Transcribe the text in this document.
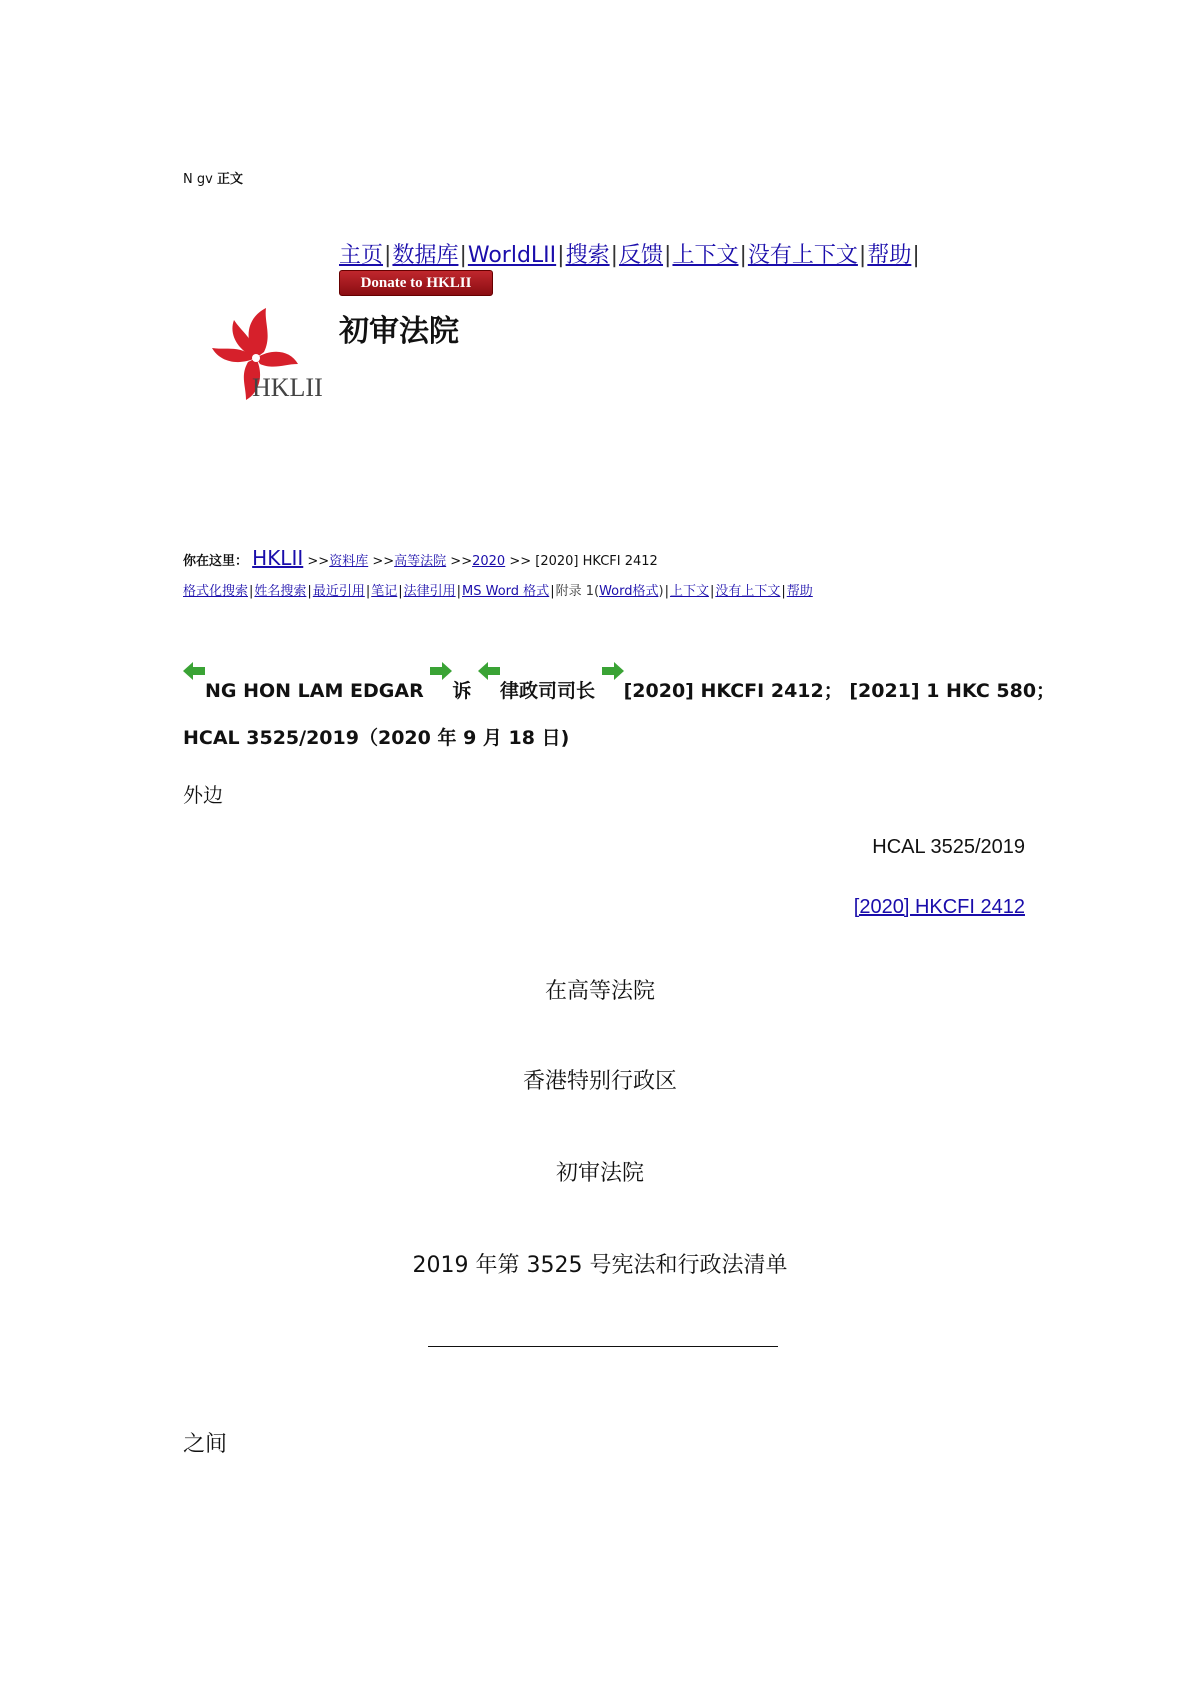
N gv 正文
主页|数据库|WorldLII|搜索|反馈|上下文|没有上下文|帮助|
Donate to HKLII
初审法院
HKLII
你在这里： HKLII >>资料库 >>高等法院 >>2020 >> [2020] HKCFI 2412
格式化搜索|姓名搜索|最近引用|笔记|法律引用|MS Word 格式|附录 1(Word格式)|上下文|没有上下文|帮助
NG HON LAM EDGAR 诉 律政司司长 [2020] HKCFI 2412； [2021] 1 HKC 580；
HCAL 3525/2019（2020 年 9 月 18 日)
外边
HCAL 3525/2019
[2020] HKCFI 2412
在高等法院
香港特别行政区
初审法院
2019 年第 3525 号宪法和行政法清单
之间
